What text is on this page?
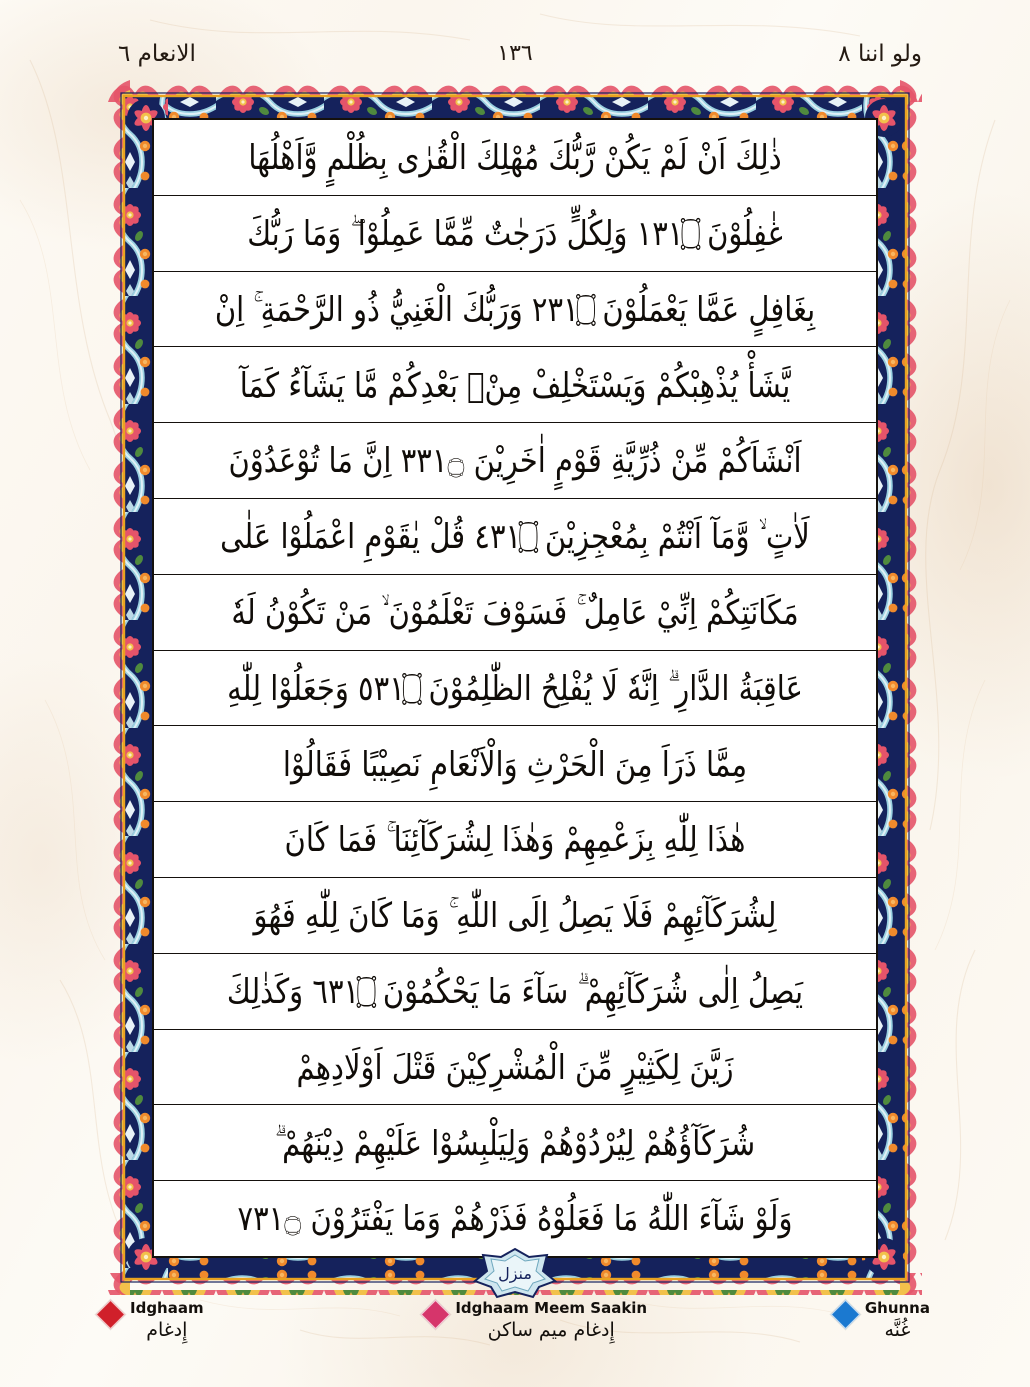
الانعام ٦	١٣٦	ولو اننا ٨
منزل
ذٰلِكَ اَنْ لَمْ يَكُنْ رَّبُّكَ مُهْلِكَ الْقُرٰى بِظُلْمٍ وَّاَهْلُهَا
غٰفِلُوْنَ ۝١٣١ وَلِكُلٍّ دَرَجٰتٌ مِّمَّا عَمِلُوْا ۖ وَمَا رَبُّكَ
بِغَافِلٍ عَمَّا يَعْمَلُوْنَ ۝١٣٢ وَرَبُّكَ الْغَنِيُّ ذُو الرَّحْمَةِ ۚ اِنْ
يَّشَأْ يُذْهِبْكُمْ وَيَسْتَخْلِفْ مِنْۢ بَعْدِكُمْ مَّا يَشَآءُ كَمَآ
اَنْشَاَكُمْ مِّنْ ذُرِّيَّةِ قَوْمٍ اٰخَرِيْنَ ۝١٣٣ اِنَّ مَا تُوْعَدُوْنَ
لَاٰتٍ ۙ وَّمَآ اَنْتُمْ بِمُعْجِزِيْنَ ۝١٣٤ قُلْ يٰقَوْمِ اعْمَلُوْا عَلٰى
مَكَانَتِكُمْ اِنِّيْ عَامِلٌ ۚ فَسَوْفَ تَعْلَمُوْنَ ۙ مَنْ تَكُوْنُ لَهٗ
عَاقِبَةُ الدَّارِ ۗ اِنَّهٗ لَا يُفْلِحُ الظّٰلِمُوْنَ ۝١٣٥ وَجَعَلُوْا لِلّٰهِ
مِمَّا ذَرَاَ مِنَ الْحَرْثِ وَالْاَنْعَامِ نَصِيْبًا فَقَالُوْا
هٰذَا لِلّٰهِ بِزَعْمِهِمْ وَهٰذَا لِشُرَكَآئِنَا ۚ فَمَا كَانَ
لِشُرَكَآئِهِمْ فَلَا يَصِلُ اِلَى اللّٰهِ ۚ وَمَا كَانَ لِلّٰهِ فَهُوَ
يَصِلُ اِلٰى شُرَكَآئِهِمْ ۗ سَآءَ مَا يَحْكُمُوْنَ ۝١٣٦ وَكَذٰلِكَ
زَيَّنَ لِكَثِيْرٍ مِّنَ الْمُشْرِكِيْنَ قَتْلَ اَوْلَادِهِمْ
شُرَكَآؤُهُمْ لِيُرْدُوْهُمْ وَلِيَلْبِسُوْا عَلَيْهِمْ دِيْنَهُمْ ۗ
وَلَوْ شَآءَ اللّٰهُ مَا فَعَلُوْهُ فَذَرْهُمْ وَمَا يَفْتَرُوْنَ ۝١٣٧
Idghaam
إِدغام
Idghaam Meem Saakin
إِدغام ميم ساكن
Ghunna
غُنَّه
